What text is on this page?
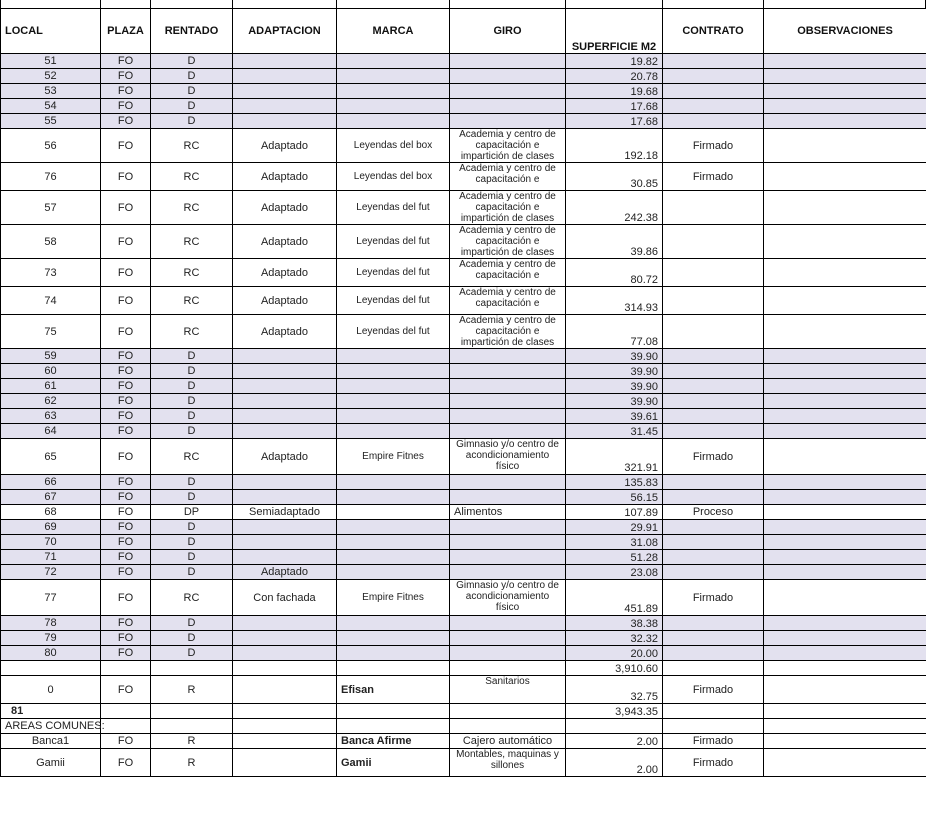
LOCAL	PLAZA	RENTADO	ADAPTACION	MARCA	GIRO	SUPERFICIE M2	CONTRATO	OBSERVACIONES
51	FO	D				19.82		
52	FO	D				20.78		
53	FO	D				19.68		
54	FO	D				17.68		
55	FO	D				17.68		
56	FO	RC	Adaptado	Leyendas del box	Academia y centro de capacitación e impartición de clases	192.18	Firmado	
76	FO	RC	Adaptado	Leyendas del box	Academia y centro de capacitación e	30.85	Firmado	
57	FO	RC	Adaptado	Leyendas del fut	Academia y centro de capacitación e impartición de clases	242.38		
58	FO	RC	Adaptado	Leyendas del fut	Academia y centro de capacitación e impartición de clases	39.86		
73	FO	RC	Adaptado	Leyendas del fut	Academia y centro de capacitación e	80.72		
74	FO	RC	Adaptado	Leyendas del fut	Academia y centro de capacitación e	314.93		
75	FO	RC	Adaptado	Leyendas del fut	Academia y centro de capacitación e impartición de clases	77.08		
59	FO	D				39.90		
60	FO	D				39.90		
61	FO	D				39.90		
62	FO	D				39.90		
63	FO	D				39.61		
64	FO	D				31.45		
65	FO	RC	Adaptado	Empire Fitnes	Gimnasio y/o centro de acondicionamiento físico	321.91	Firmado	
66	FO	D				135.83		
67	FO	D				56.15		
68	FO	DP	Semiadaptado		Alimentos	107.89	Proceso	
69	FO	D				29.91		
70	FO	D				31.08		
71	FO	D				51.28		
72	FO	D	Adaptado			23.08		
77	FO	RC	Con fachada	Empire Fitnes	Gimnasio y/o centro de acondicionamiento físico	451.89	Firmado	
78	FO	D				38.38		
79	FO	D				32.32		
80	FO	D				20.00		
						3,910.60		
0	FO	R		Efisan	Sanitarios	32.75	Firmado	
81						3,943.35		
AREAS COMUNES:								
Banca1	FO	R		Banca Afirme	Cajero automático	2.00	Firmado	
Gamii	FO	R		Gamii	Montables, maquinas y sillones	2.00	Firmado	
